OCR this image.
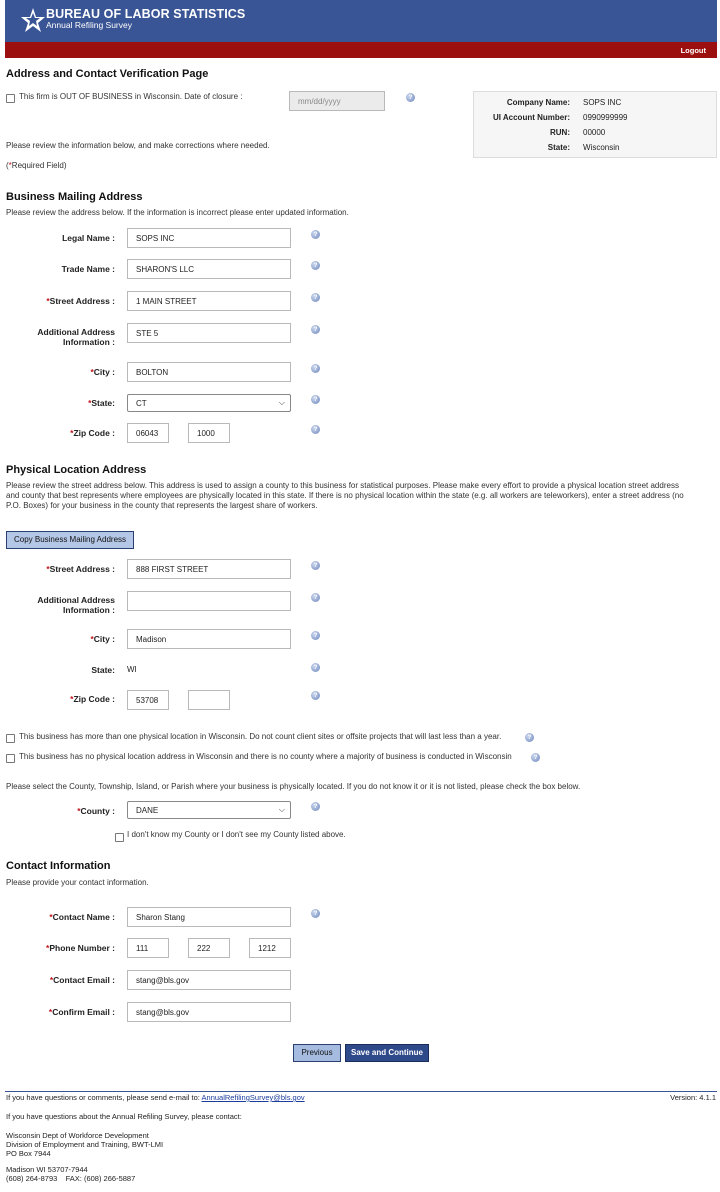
BUREAU OF LABOR STATISTICS
Annual Refiling Survey
Logout
Address and Contact Verification Page
This firm is OUT OF BUSINESS in Wisconsin. Date of closure :
mm/dd/yyyy	?
Company Name: SOPS INC
UI Account Number: 0990999999
RUN: 00000
State: Wisconsin
Please review the information below, and make corrections where needed.
(*Required Field)
Business Mailing Address
Please review the address below. If the information is incorrect please enter updated information.
Legal Name :	SOPS INC	?
Trade Name :	SHARON'S LLC	?
*Street Address :	1 MAIN STREET	?
Additional Address
Information :
STE 5	?
*City :	BOLTON	?
*State:	CT	⌵	?
*Zip Code :	06043	1000	?
Physical Location Address
Please review the street address below. This address is used to assign a county to this business for statistical purposes. Please make every effort to provide a physical location street address
and county that best represents where employees are physically located in this state. If there is no physical location within the state (e.g. all workers are teleworkers), enter a street address (no
P.O. Boxes) for your business in the county that represents the largest share of workers.
Copy Business Mailing Address
*Street Address :	888 FIRST STREET	?
Additional Address
Information :
?
*City :	Madison	?
State: WI	?
*Zip Code :	53708
?
This business has more than one physical location in Wisconsin. Do not count client sites or offsite projects that will last less than a year.	?
This business has no physical location address in Wisconsin and there is no county where a majority of business is conducted in Wisconsin	?
Please select the County, Township, Island, or Parish where your business is physically located. If you do not know it or it is not listed, please check the box below.
*County :	DANE	⌵	?
I don't know my County or I don't see my County listed above.
Contact Information
Please provide your contact information.
*Contact Name :	Sharon Stang	?
*Phone Number :	111	222	1212
*Contact Email :	stang@bls.gov
*Confirm Email :	stang@bls.gov
Previous	Save and Continue
If you have questions or comments, please send e-mail to: AnnualRefilingSurvey@bls.gov	Version: 4.1.1
If you have questions about the Annual Refiling Survey, please contact:
Wisconsin Dept of Workforce Development
Division of Employment and Training, BWT-LMI
PO Box 7944
Madison WI 53707-7944
(608) 264-8793    FAX: (608) 266-5887
